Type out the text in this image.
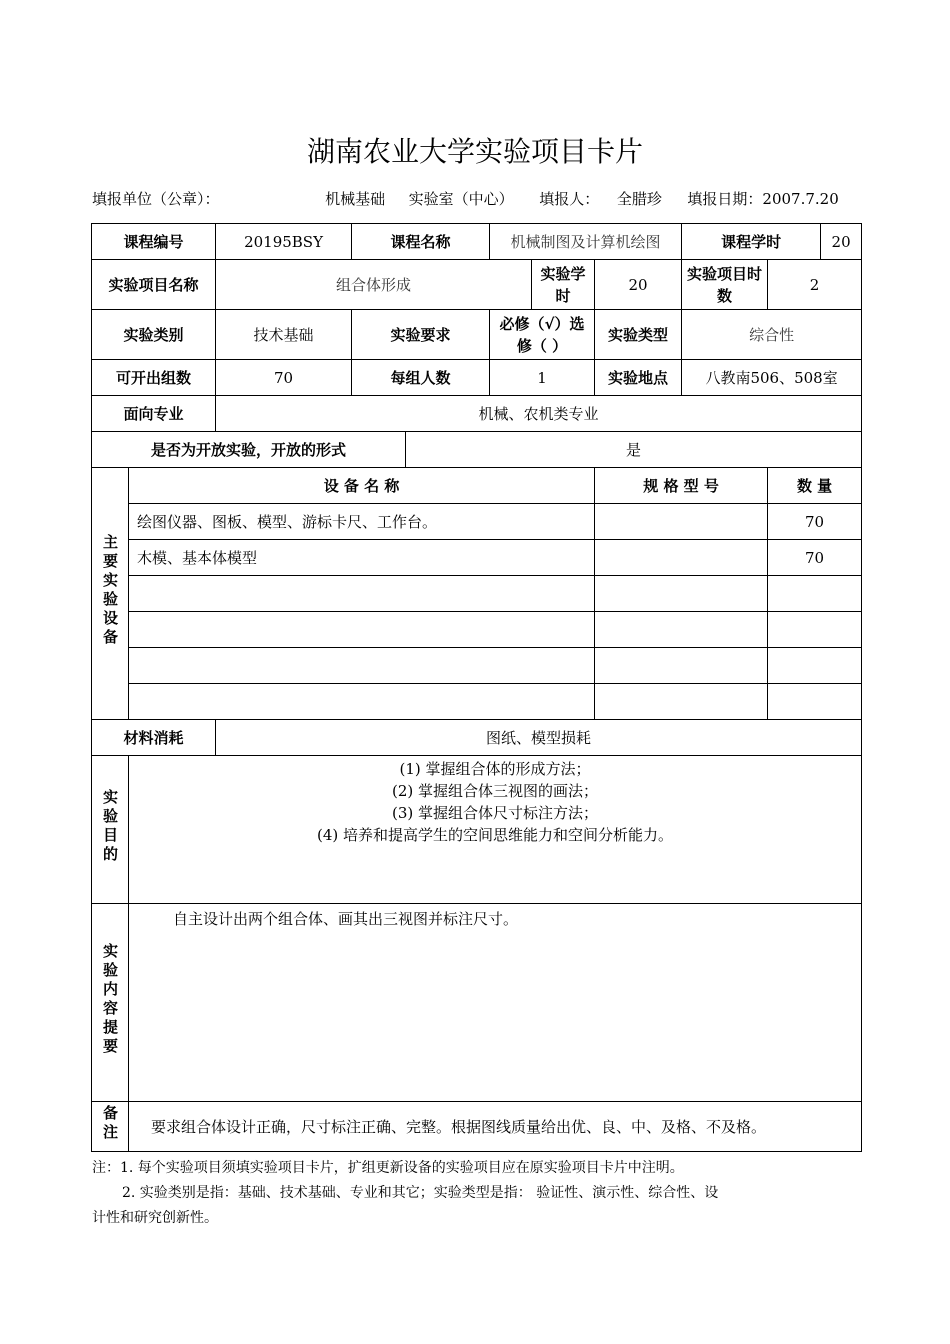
湖南农业大学实验项目卡片
填报单位（公章）：	机械基础 实验室（中心） 填报人： 全腊珍 填报日期：2007.7.20
课程编号		20195BSY	课程名称		机械制图及计算机绘图			课程学时		20
实验项目名称		组合体形成				实验学时	20	实验项目时数	2	
实验类别		技术基础	实验要求		必修（√）选修（ ）		实验类型	综合性		
可开出组数		70	每组人数		1		实验地点	八教南506、508室		
面向专业		机械、农机类专业								
是否为开放实验，开放的形式				是						
主要实验设备	设 备 名 称						规 格 型 号		数 量	
	绘图仪器、图板、模型、游标卡尺、工作台。								70	
	木模、基本体模型								70	

材料消耗		图纸、模型损耗								
实验目的	(1) 掌握组合体的形成方法；
(2) 掌握组合体三视图的画法；
(3) 掌握组合体尺寸标注方法；
(4) 培养和提高学生的空间思维能力和空间分析能力。									

实验内容提要	自主设计出两个组合体、画其出三视图并标注尺寸。									
备注	要求组合体设计正确，尺寸标注正确、完整。根据图线质量给出优、良、中、及格、不及格。									

注：1. 每个实验项目须填实验项目卡片，扩组更新设备的实验项目应在原实验项目卡片中注明。

2. 实验类别是指：基础、技术基础、专业和其它；实验类型是指： 验证性、演示性、综合性、设

计性和研究创新性。
